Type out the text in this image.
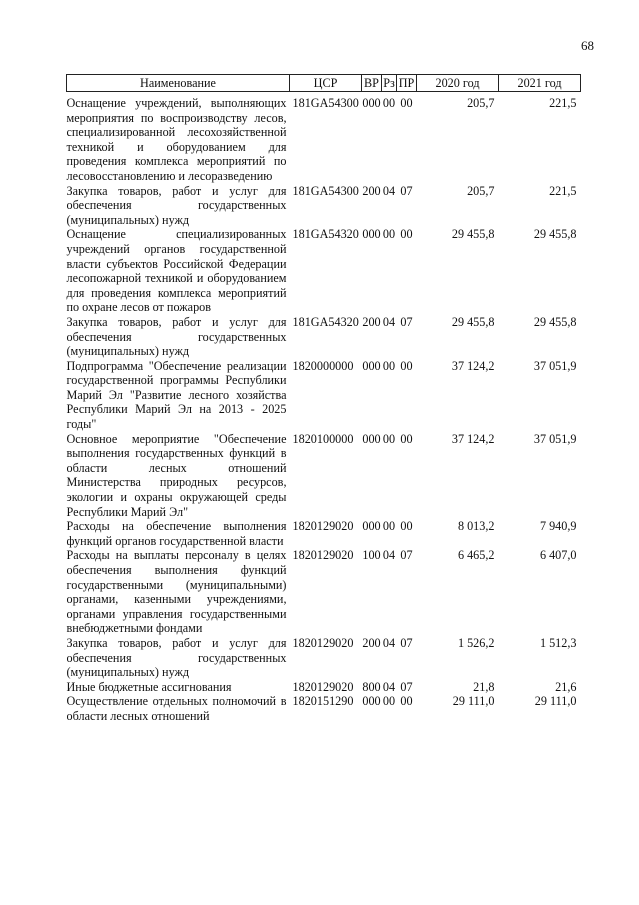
68
Наименование	ЦСР	ВР	Рз	ПР	2020 год	2021 год

Оснащение учреждений, выполняющих мероприятия по воспроизводству лесов, специализированной лесохозяйственной техникой и оборудованием для проведения комплекса мероприятий по лесовосстановлению и лесоразведению	181GA54300	000	00	00	205,7	221,5
Закупка товаров, работ и услуг для обеспечения государственных (муниципальных) нужд	181GA54300	200	04	07	205,7	221,5
Оснащение специализированных учреждений органов государственной власти субъектов Российской Федерации лесопожарной техникой и оборудованием для проведения комплекса мероприятий по охране лесов от пожаров	181GA54320	000	00	00	29 455,8	29 455,8
Закупка товаров, работ и услуг для обеспечения государственных (муниципальных) нужд	181GA54320	200	04	07	29 455,8	29 455,8
Подпрограмма "Обеспечение реализации государственной программы Республики Марий Эл "Развитие лесного хозяйства Республики Марий Эл на 2013 - 2025 годы"	1820000000	000	00	00	37 124,2	37 051,9
Основное мероприятие "Обеспечение выполнения государственных функций в области лесных отношений Министерства природных ресурсов, экологии и охраны окружающей среды Республики Марий Эл"	1820100000	000	00	00	37 124,2	37 051,9
Расходы на обеспечение выполнения функций органов государственной власти	1820129020	000	00	00	8 013,2	7 940,9
Расходы на выплаты персоналу в целях обеспечения выполнения функций государственными (муниципальными) органами, казенными учреждениями, органами управления государственными внебюджетными фондами	1820129020	100	04	07	6 465,2	6 407,0
Закупка товаров, работ и услуг для обеспечения государственных (муниципальных) нужд	1820129020	200	04	07	1 526,2	1 512,3
Иные бюджетные ассигнования	1820129020	800	04	07	21,8	21,6
Осуществление отдельных полномочий в области лесных отношений	1820151290	000	00	00	29 111,0	29 111,0
